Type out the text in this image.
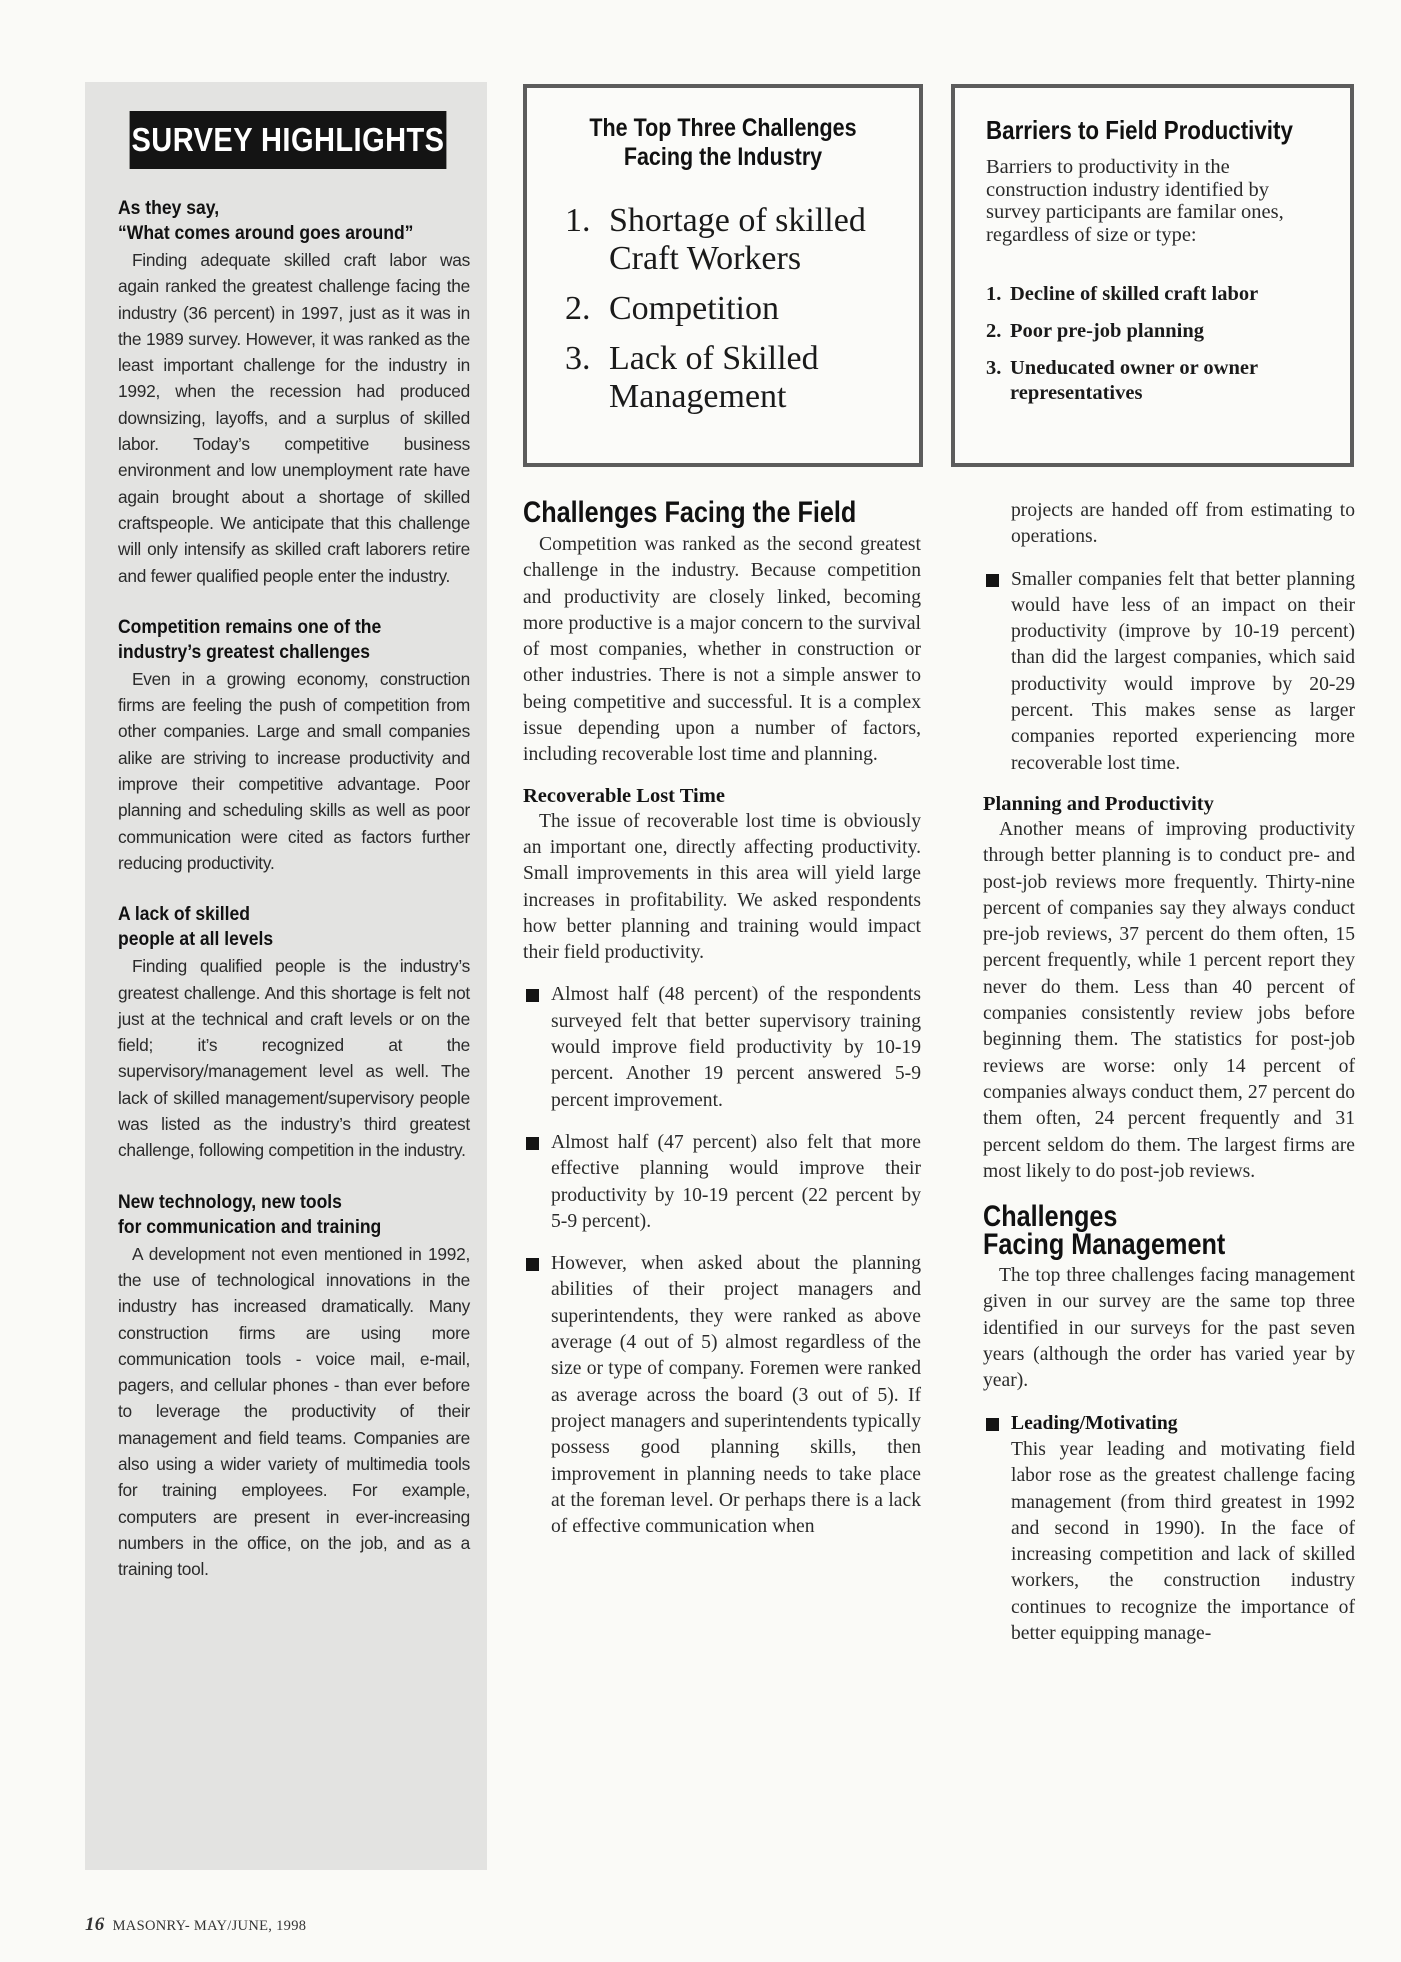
SURVEY HIGHLIGHTS
As they say,
“What comes around goes around”

Finding adequate skilled craft labor was again ranked the greatest challenge facing the industry (36 percent) in 1997, just as it was in the 1989 survey. However, it was ranked as the least important challenge for the industry in 1992, when the recession had produced downsizing, layoffs, and a surplus of skilled labor. Today’s competitive business environment and low unemployment rate have again brought about a shortage of skilled craftspeople. We anticipate that this challenge will only intensify as skilled craft laborers retire and fewer qualified people enter the industry.

Competition remains one of the
industry’s greatest challenges

Even in a growing economy, construction firms are feeling the push of competition from other companies. Large and small companies alike are striving to increase productivity and improve their competitive advantage. Poor planning and scheduling skills as well as poor communication were cited as factors further reducing productivity.

A lack of skilled
people at all levels

Finding qualified people is the industry’s greatest challenge. And this shortage is felt not just at the technical and craft levels or on the field; it’s recognized at the supervisory/management level as well. The lack of skilled management/supervisory people was listed as the industry’s third greatest challenge, following competition in the industry.

New technology, new tools
for communication and training

A development not even mentioned in 1992, the use of technological innovations in the industry has increased dramatically. Many construction firms are using more communication tools - voice mail, e-mail, pagers, and cellular phones - than ever before to leverage the productivity of their management and field teams. Companies are also using a wider variety of multimedia tools for training employees. For example, computers are present in ever-increasing numbers in the office, on the job, and as a training tool.

The Top Three Challenges
Facing the Industry
1. Shortage of skilled Craft Workers
2. Competition
3. Lack of Skilled Management
Barriers to Field Productivity
Barriers to productivity in the construction industry identified by survey participants are familar ones, regardless of size or type:
1. Decline of skilled craft labor
2. Poor pre-job planning
3. Uneducated owner or owner representatives
Challenges Facing the Field

Competition was ranked as the second greatest challenge in the industry. Because competition and productivity are closely linked, becoming more productive is a major concern to the survival of most companies, whether in construction or other industries. There is not a simple answer to being competitive and successful. It is a complex issue depending upon a number of factors, including recoverable lost time and planning.

Recoverable Lost Time

The issue of recoverable lost time is obviously an important one, directly affecting productivity. Small improvements in this area will yield large increases in profitability. We asked respondents how better planning and training would impact their field productivity.

Almost half (48 percent) of the respondents surveyed felt that better supervisory training would improve field productivity by 10-19 percent. Another 19 percent answered 5-9 percent improvement.
Almost half (47 percent) also felt that more effective planning would improve their productivity by 10-19 percent (22 percent by 5-9 percent).
However, when asked about the planning abilities of their project managers and superintendents, they were ranked as above average (4 out of 5) almost regardless of the size or type of company. Foremen were ranked as average across the board (3 out of 5). If project managers and superintendents typically possess good planning skills, then improvement in planning needs to take place at the foreman level. Or perhaps there is a lack of effective communication when

projects are handed off from estimating to operations.

Smaller companies felt that better planning would have less of an impact on their productivity (improve by 10-19 percent) than did the largest companies, which said productivity would improve by 20-29 percent. This makes sense as larger companies reported experiencing more recoverable lost time.
Planning and Productivity

Another means of improving productivity through better planning is to conduct pre- and post-job reviews more frequently. Thirty-nine percent of companies say they always conduct pre-job reviews, 37 percent do them often, 15 percent frequently, while 1 percent report they never do them. Less than 40 percent of companies consistently review jobs before beginning them. The statistics for post-job reviews are worse: only 14 percent of companies always conduct them, 27 percent do them often, 24 percent frequently and 31 percent seldom do them. The largest firms are most likely to do post-job reviews.

Challenges
Facing Management

The top three challenges facing management given in our survey are the same top three identified in our surveys for the past seven years (although the order has varied year by year).

Leading/Motivating

This year leading and motivating field labor rose as the greatest challenge facing management (from third greatest in 1992 and second in 1990). In the face of increasing competition and lack of skilled workers, the construction industry continues to recognize the importance of better equipping manage-

16 MASONRY- MAY/JUNE, 1998
